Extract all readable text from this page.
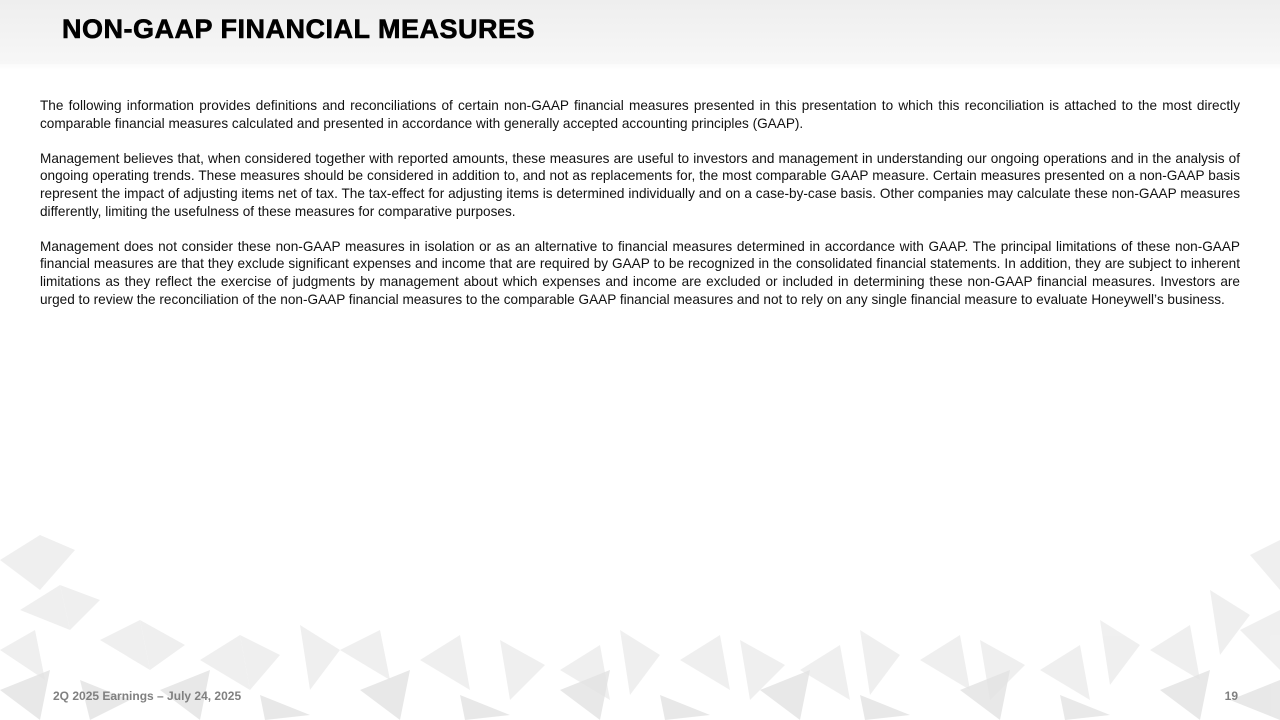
NON-GAAP FINANCIAL MEASURES

The following information provides definitions and reconciliations of certain non-GAAP financial measures presented in this presentation to which this reconciliation is attached to the most directly comparable financial measures calculated and presented in accordance with generally accepted accounting principles (GAAP).

Management believes that, when considered together with reported amounts, these measures are useful to investors and management in understanding our ongoing operations and in the analysis of ongoing operating trends. These measures should be considered in addition to, and not as replacements for, the most comparable GAAP measure. Certain measures presented on a non-GAAP basis represent the impact of adjusting items net of tax. The tax-effect for adjusting items is determined individually and on a case-by-case basis. Other companies may calculate these non-GAAP measures differently, limiting the usefulness of these measures for comparative purposes.

Management does not consider these non-GAAP measures in isolation or as an alternative to financial measures determined in accordance with GAAP. The principal limitations of these non-GAAP financial measures are that they exclude significant expenses and income that are required by GAAP to be recognized in the consolidated financial statements. In addition, they are subject to inherent limitations as they reflect the exercise of judgments by management about which expenses and income are excluded or included in determining these non-GAAP financial measures. Investors are urged to review the reconciliation of the non-GAAP financial measures to the comparable GAAP financial measures and not to rely on any single financial measure to evaluate Honeywell’s business.

2Q 2025 Earnings – July 24, 2025	19
